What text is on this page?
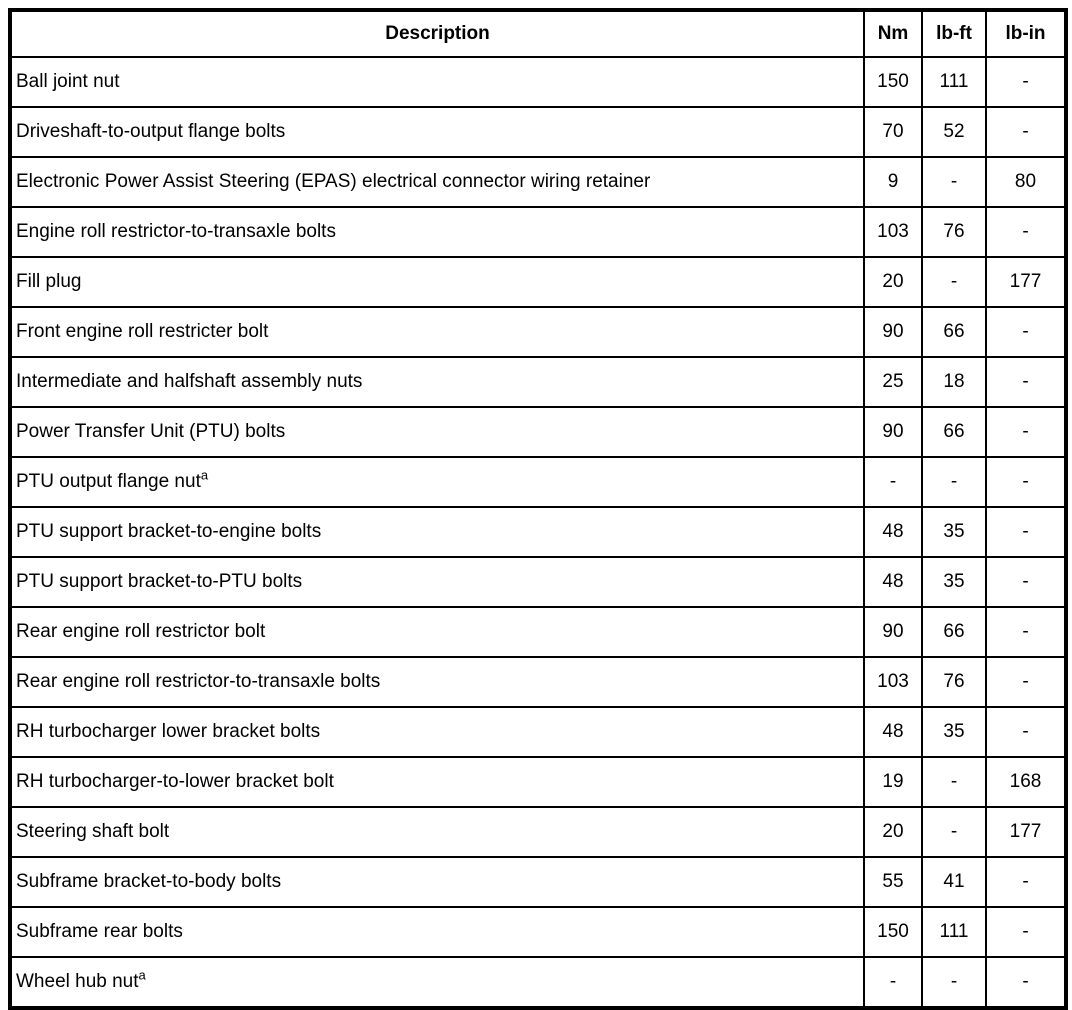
Description	Nm	lb-ft	lb-in
Ball joint nut	150	111	-
Driveshaft-to-output flange bolts	70	52	-
Electronic Power Assist Steering (EPAS) electrical connector wiring retainer	9	-	80
Engine roll restrictor-to-transaxle bolts	103	76	-
Fill plug	20	-	177
Front engine roll restricter bolt	90	66	-
Intermediate and halfshaft assembly nuts	25	18	-
Power Transfer Unit (PTU) bolts	90	66	-
PTU output flange nut$^a$	-	-	-
PTU support bracket-to-engine bolts	48	35	-
PTU support bracket-to-PTU bolts	48	35	-
Rear engine roll restrictor bolt	90	66	-
Rear engine roll restrictor-to-transaxle bolts	103	76	-
RH turbocharger lower bracket bolts	48	35	-
RH turbocharger-to-lower bracket bolt	19	-	168
Steering shaft bolt	20	-	177
Subframe bracket-to-body bolts	55	41	-
Subframe rear bolts	150	111	-
Wheel hub nut$^a$	-	-	-
